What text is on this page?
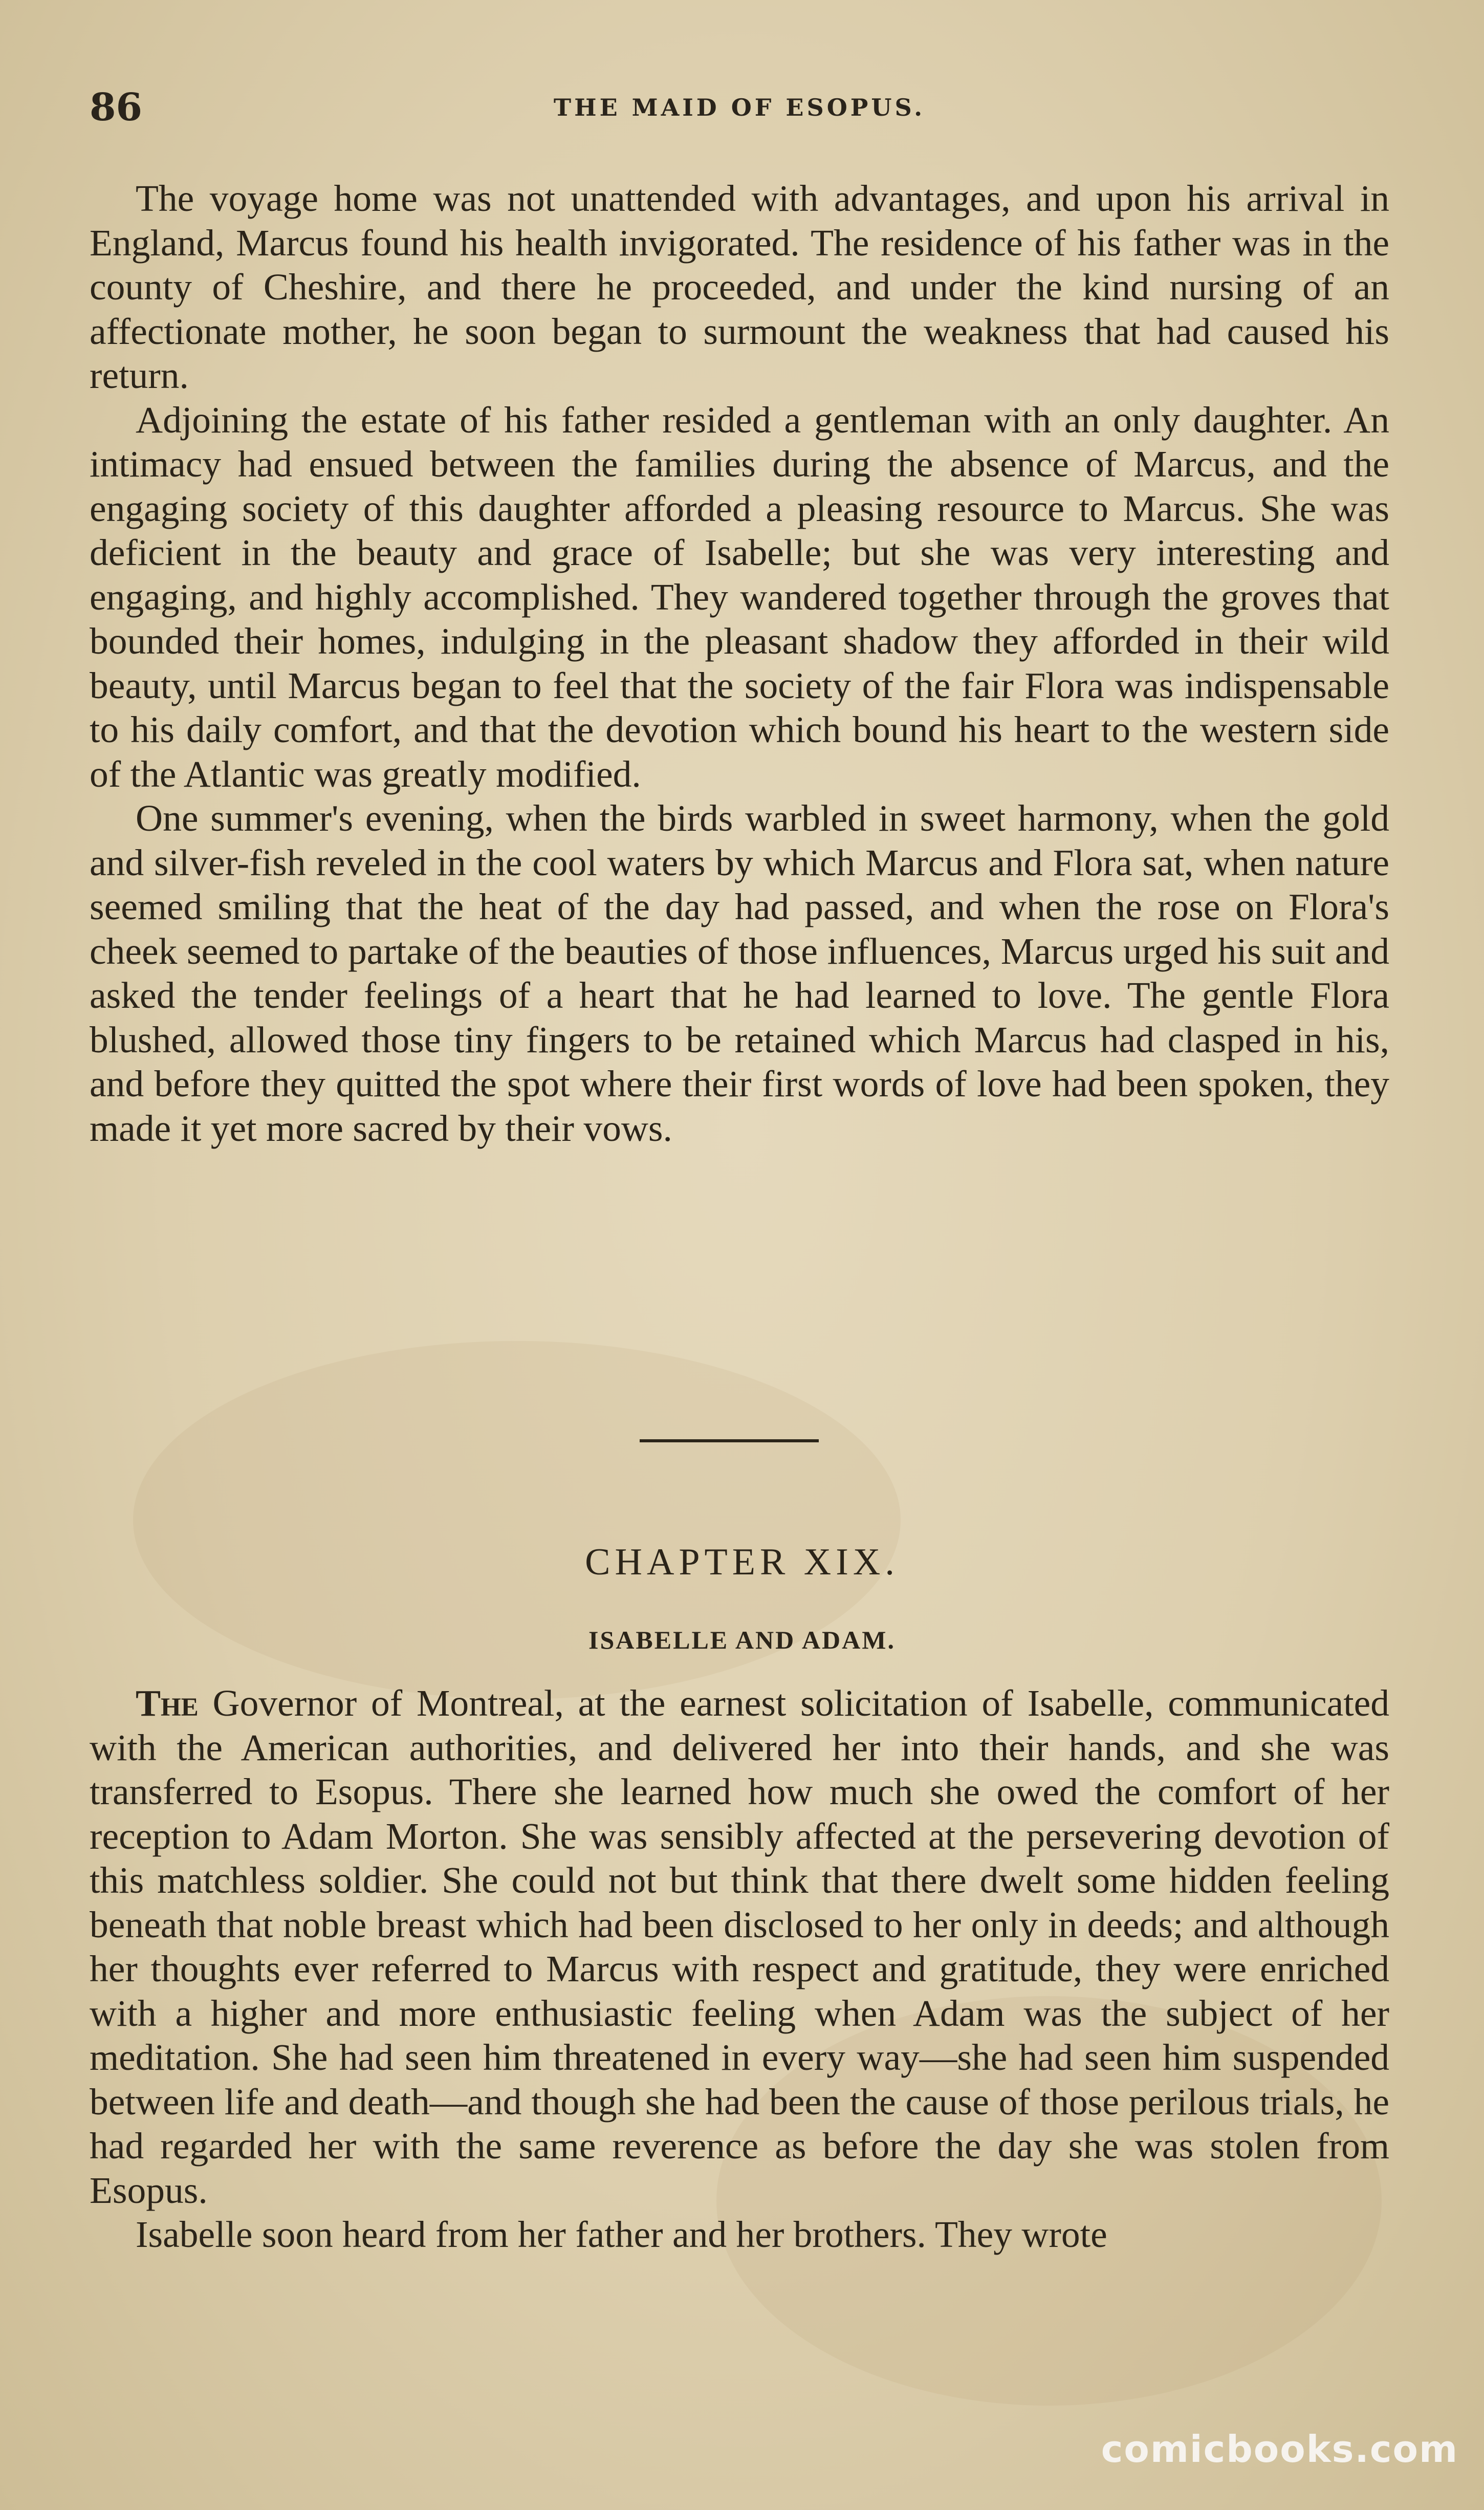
86	THE MAID OF ESOPUS.

The voyage home was not unattended with advantages, and upon his arrival in England, Marcus found his health invigorated. The residence of his father was in the county of Cheshire, and there he proceeded, and under the kind nursing of an affectionate mother, he soon began to surmount the weakness that had caused his return.

Adjoining the estate of his father resided a gentleman with an only daughter. An intimacy had ensued between the families during the absence of Marcus, and the engaging society of this daughter afforded a pleasing resource to Marcus. She was deficient in the beauty and grace of Isabelle; but she was very interesting and engaging, and highly accomplished. They wandered together through the groves that bounded their homes, indulging in the pleasant shadow they afforded in their wild beauty, until Marcus began to feel that the society of the fair Flora was indispensable to his daily comfort, and that the devotion which bound his heart to the western side of the Atlantic was greatly modified.

One summer's evening, when the birds warbled in sweet harmony, when the gold and silver-fish reveled in the cool waters by which Marcus and Flora sat, when nature seemed smiling that the heat of the day had passed, and when the rose on Flora's cheek seemed to partake of the beauties of those influences, Marcus urged his suit and asked the tender feelings of a heart that he had learned to love. The gentle Flora blushed, allowed those tiny fingers to be retained which Marcus had clasped in his, and before they quitted the spot where their first words of love had been spoken, they made it yet more sacred by their vows.

CHAPTER XIX.
ISABELLE AND ADAM.

The Governor of Montreal, at the earnest solicitation of Isabelle, communicated with the American authorities, and delivered her into their hands, and she was transferred to Esopus. There she learned how much she owed the comfort of her reception to Adam Morton. She was sensibly affected at the persevering devotion of this matchless soldier. She could not but think that there dwelt some hidden feeling beneath that noble breast which had been disclosed to her only in deeds; and although her thoughts ever referred to Marcus with respect and gratitude, they were enriched with a higher and more enthusiastic feeling when Adam was the subject of her meditation. She had seen him threatened in every way—she had seen him suspended between life and death—and though she had been the cause of those perilous trials, he had regarded her with the same reverence as before the day she was stolen from Esopus.

Isabelle soon heard from her father and her brothers. They wrote

comicbooks.com
